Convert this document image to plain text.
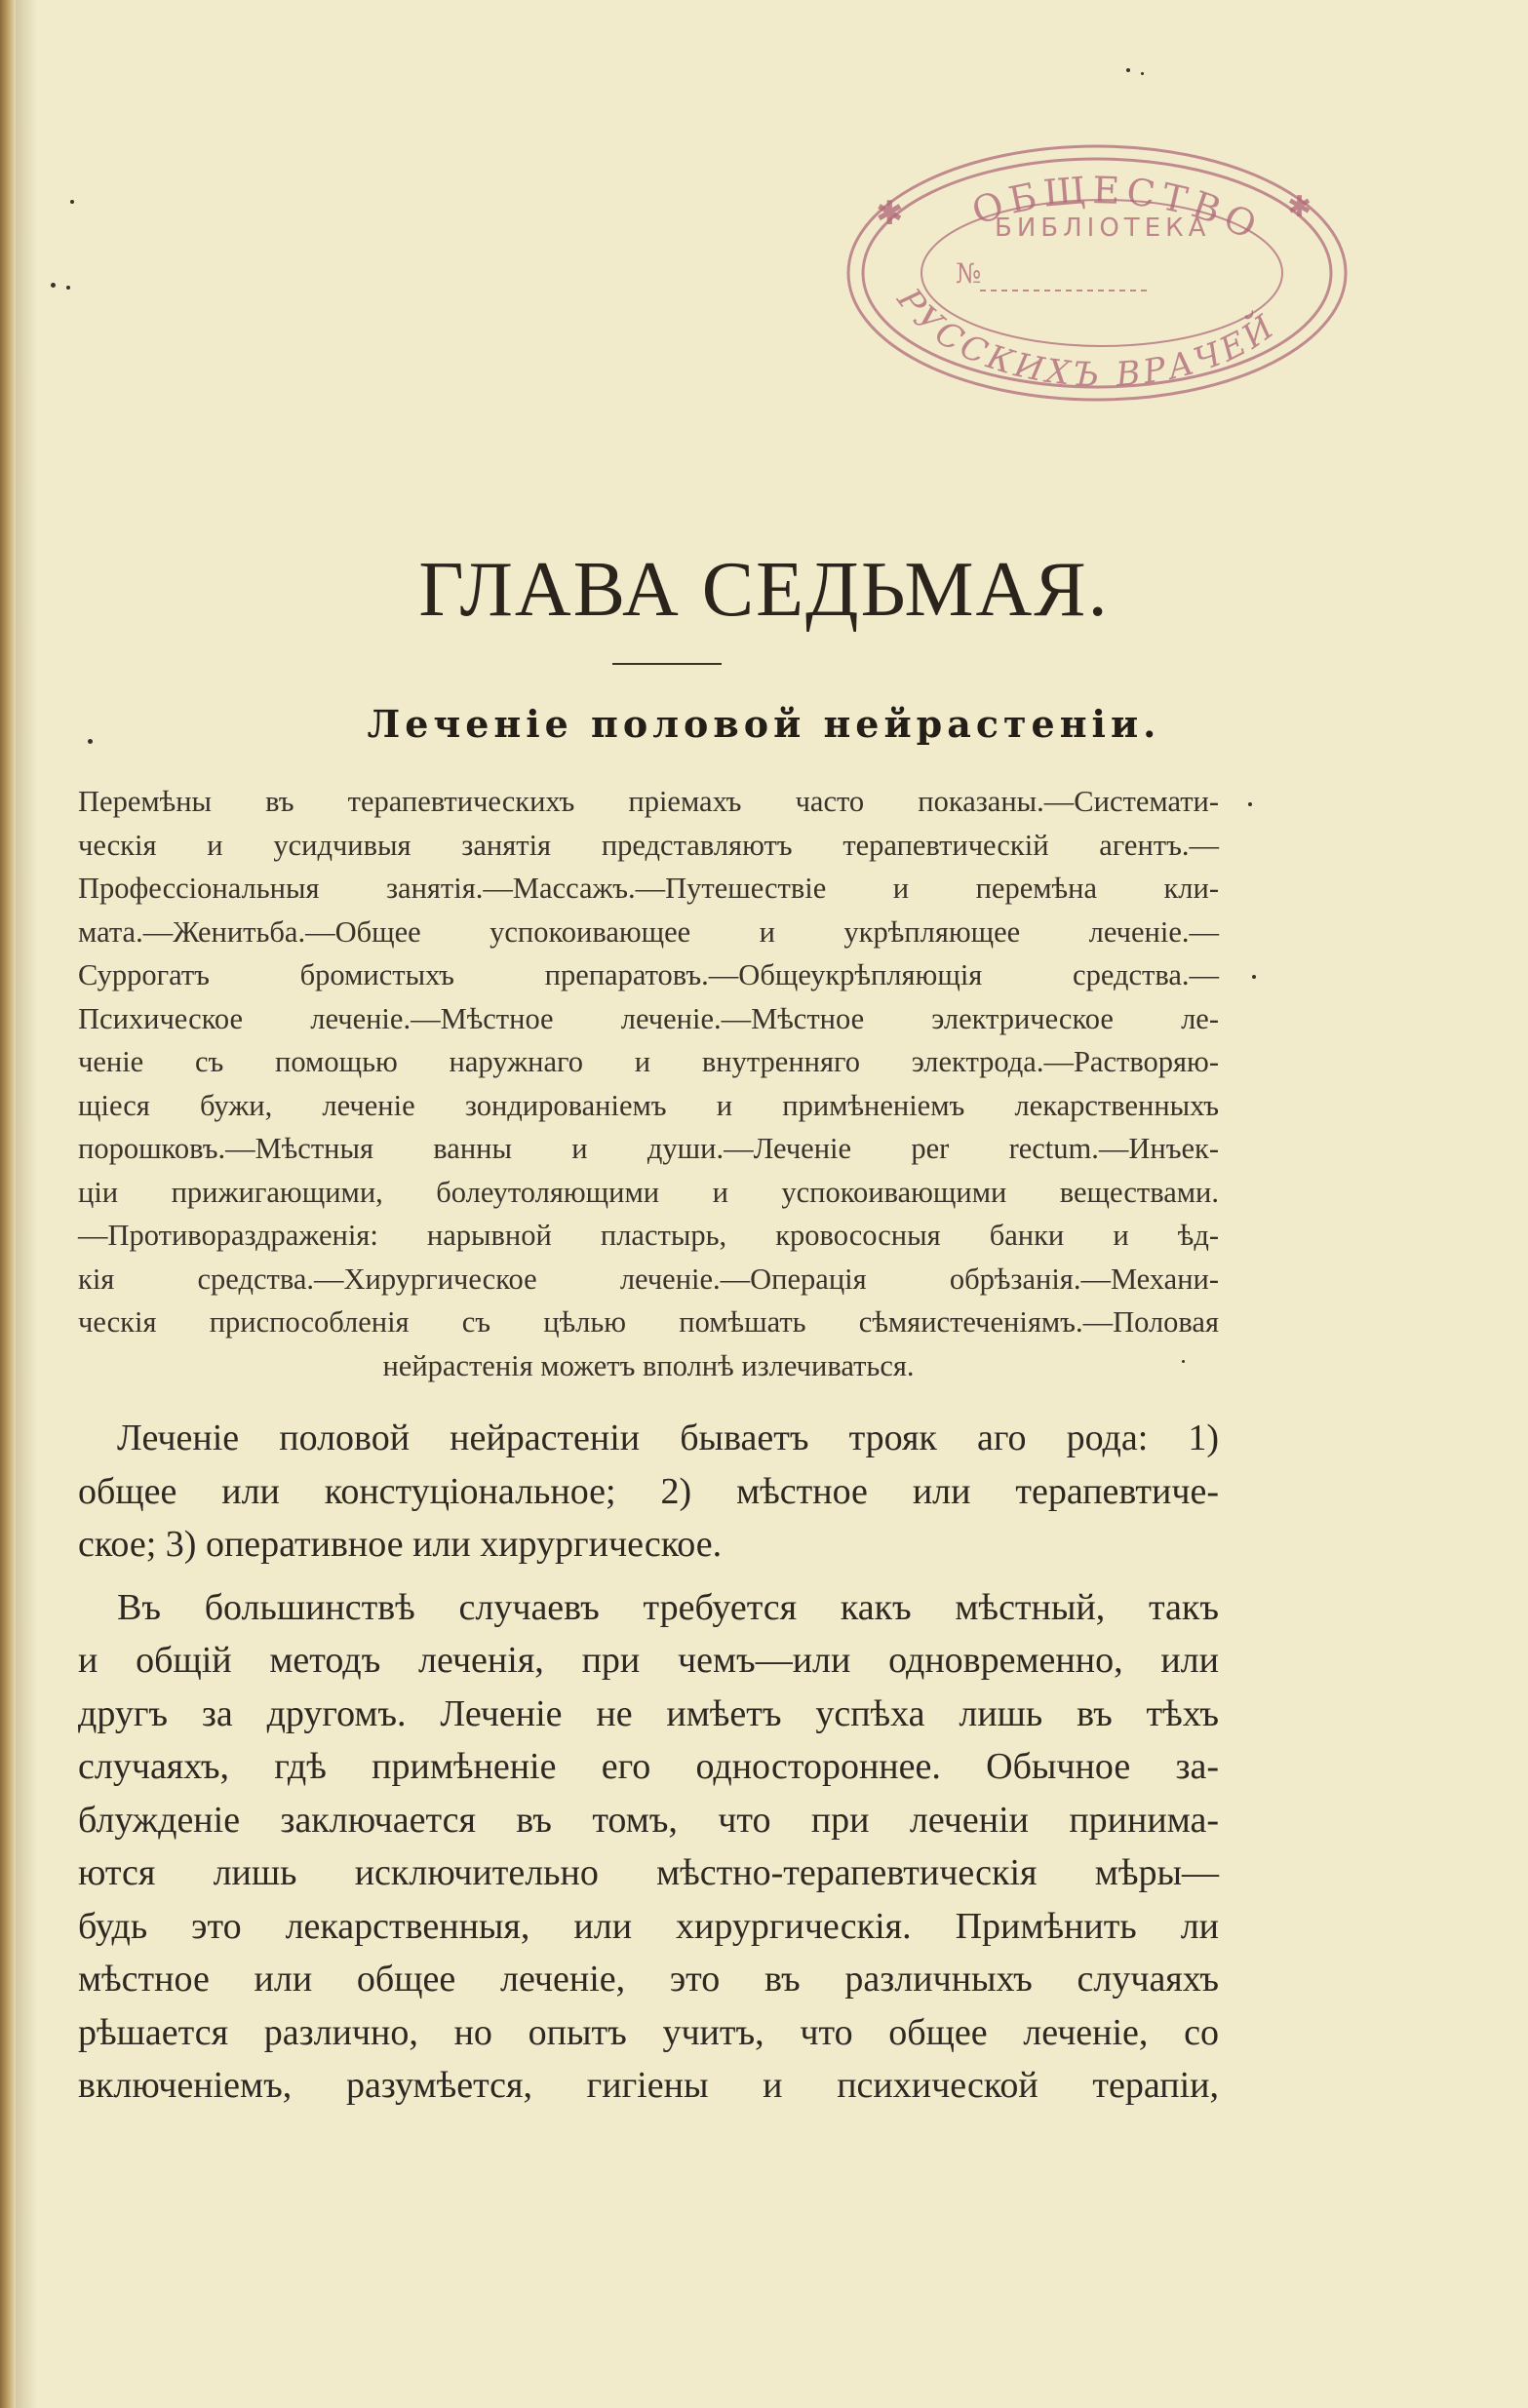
ОБЩЕСТВО
БИБЛІОТЕКА
№
РУССКИХЪ ВРАЧЕЙ
✱	✱
ГЛАВА СЕДЬМАЯ.
Леченіе половой нейрастеніи.
Перемѣны въ терапевтическихъ пріемахъ часто показаны.—Системати-
ческія и усидчивыя занятія представляютъ терапевтическій агентъ.—
Профессіональныя занятія.—Массажъ.—Путешествіе и перемѣна кли-
мата.—Женитьба.—Общее успокоивающее и укрѣпляющее леченіе.—
Суррогатъ бромистыхъ препаратовъ.—Общеукрѣпляющія средства.—
Психическое леченіе.—Мѣстное леченіе.—Мѣстное электрическое ле-
ченіе съ помощью наружнаго и внутренняго электрода.—Растворяю-
щіеся бужи, леченіе зондированіемъ и примѣненіемъ лекарственныхъ
порошковъ.—Мѣстныя ванны и души.—Леченіе per rectum.—Инъек-
ціи прижигающими, болеутоляющими и успокоивающими веществами.
—Противораздраженія: нарывной пластырь, кровососныя банки и ѣд-
кія средства.—Хирургическое леченіе.—Операція обрѣзанія.—Механи-
ческія приспособленія съ цѣлью помѣшать сѣмяистеченіямъ.—Половая
нейрастенія можетъ вполнѣ излечиваться.
Леченіе половой нейрастеніи бываетъ трояк аго рода: 1)
общее или констуціональное; 2) мѣстное или терапевтиче-
ское; 3) оперативное или хирургическое.
Въ большинствѣ случаевъ требуется какъ мѣстный, такъ
и общій методъ леченія, при чемъ—или одновременно, или
другъ за другомъ. Леченіе не имѣетъ успѣха лишь въ тѣхъ
случаяхъ, гдѣ примѣненіе его одностороннее. Обычное за-
блужденіе заключается въ томъ, что при леченіи принима-
ются лишь исключительно мѣстно-терапевтическія мѣры—
будь это лекарственныя, или хирургическія. Примѣнить ли
мѣстное или общее леченіе, это въ различныхъ случаяхъ
рѣшается различно, но опытъ учитъ, что общее леченіе, со
включеніемъ, разумѣется, гигіены и психической терапіи,
